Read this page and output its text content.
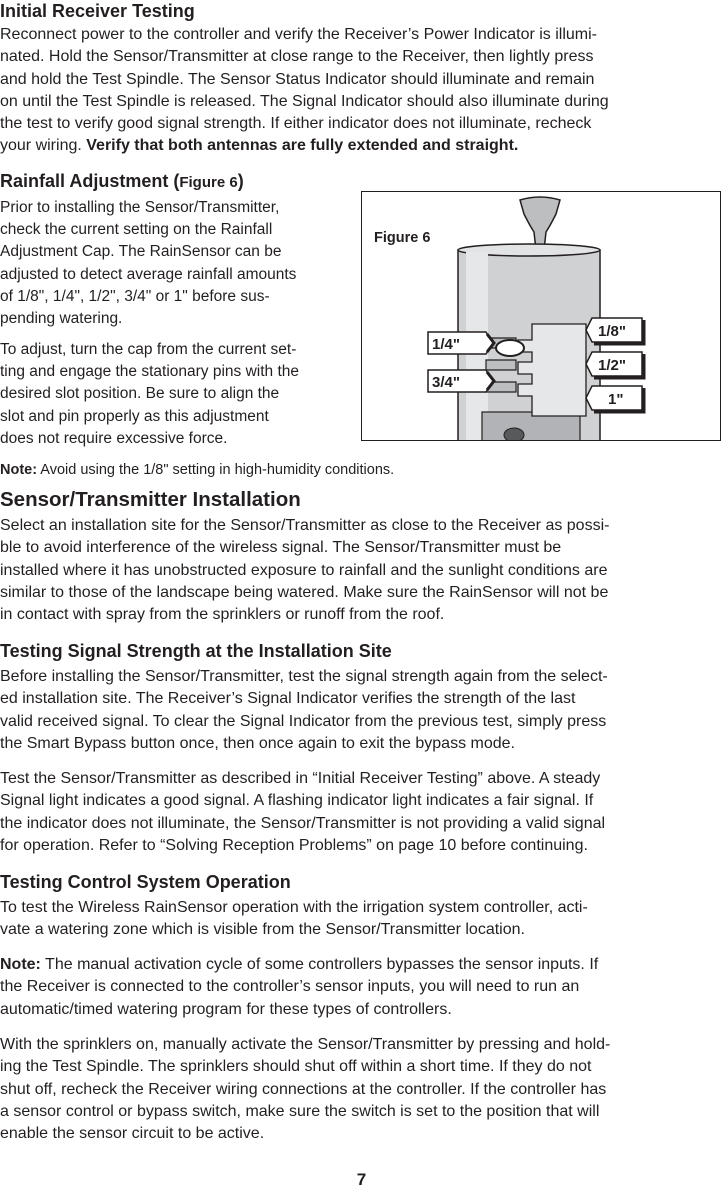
Initial Receiver Testing
Reconnect power to the controller and verify the Receiver’s Power Indicator is illumi-
nated. Hold the Sensor/Transmitter at close range to the Receiver, then lightly press
and hold the Test Spindle. The Sensor Status Indicator should illuminate and remain
on until the Test Spindle is released. The Signal Indicator should also illuminate during
the test to verify good signal strength. If either indicator does not illuminate, recheck
your wiring. Verify that both antennas are fully extended and straight.
Rainfall Adjustment (Figure 6)
Prior to installing the Sensor/Transmitter,
check the current setting on the Rainfall
Adjustment Cap. The RainSensor can be
adjusted to detect average rainfall amounts
of 1/8", 1/4", 1/2", 3/4" or 1" before sus-
pending watering.
To adjust, turn the cap from the current set-
ting and engage the stationary pins with the
desired slot position. Be sure to align the
slot and pin properly as this adjustment
does not require excessive force.
1/4"
3/4"
1/8"
1/2"
1"
Figure 6
Note: Avoid using the 1/8" setting in high-humidity conditions.
Sensor/Transmitter Installation
Select an installation site for the Sensor/Transmitter as close to the Receiver as possi-
ble to avoid interference of the wireless signal. The Sensor/Transmitter must be
installed where it has unobstructed exposure to rainfall and the sunlight conditions are
similar to those of the landscape being watered. Make sure the RainSensor will not be
in contact with spray from the sprinklers or runoff from the roof.
Testing Signal Strength at the Installation Site
Before installing the Sensor/Transmitter, test the signal strength again from the select-
ed installation site. The Receiver’s Signal Indicator verifies the strength of the last
valid received signal. To clear the Signal Indicator from the previous test, simply press
the Smart Bypass button once, then once again to exit the bypass mode.
Test the Sensor/Transmitter as described in “Initial Receiver Testing” above. A steady
Signal light indicates a good signal. A flashing indicator light indicates a fair signal. If
the indicator does not illuminate, the Sensor/Transmitter is not providing a valid signal
for operation. Refer to “Solving Reception Problems” on page 10 before continuing.
Testing Control System Operation
To test the Wireless RainSensor operation with the irrigation system controller, acti-
vate a watering zone which is visible from the Sensor/Transmitter location.
Note: The manual activation cycle of some controllers bypasses the sensor inputs. If
the Receiver is connected to the controller’s sensor inputs, you will need to run an
automatic/timed watering program for these types of controllers.
With the sprinklers on, manually activate the Sensor/Transmitter by pressing and hold-
ing the Test Spindle. The sprinklers should shut off within a short time. If they do not
shut off, recheck the Receiver wiring connections at the controller. If the controller has
a sensor control or bypass switch, make sure the switch is set to the position that will
enable the sensor circuit to be active.
7
